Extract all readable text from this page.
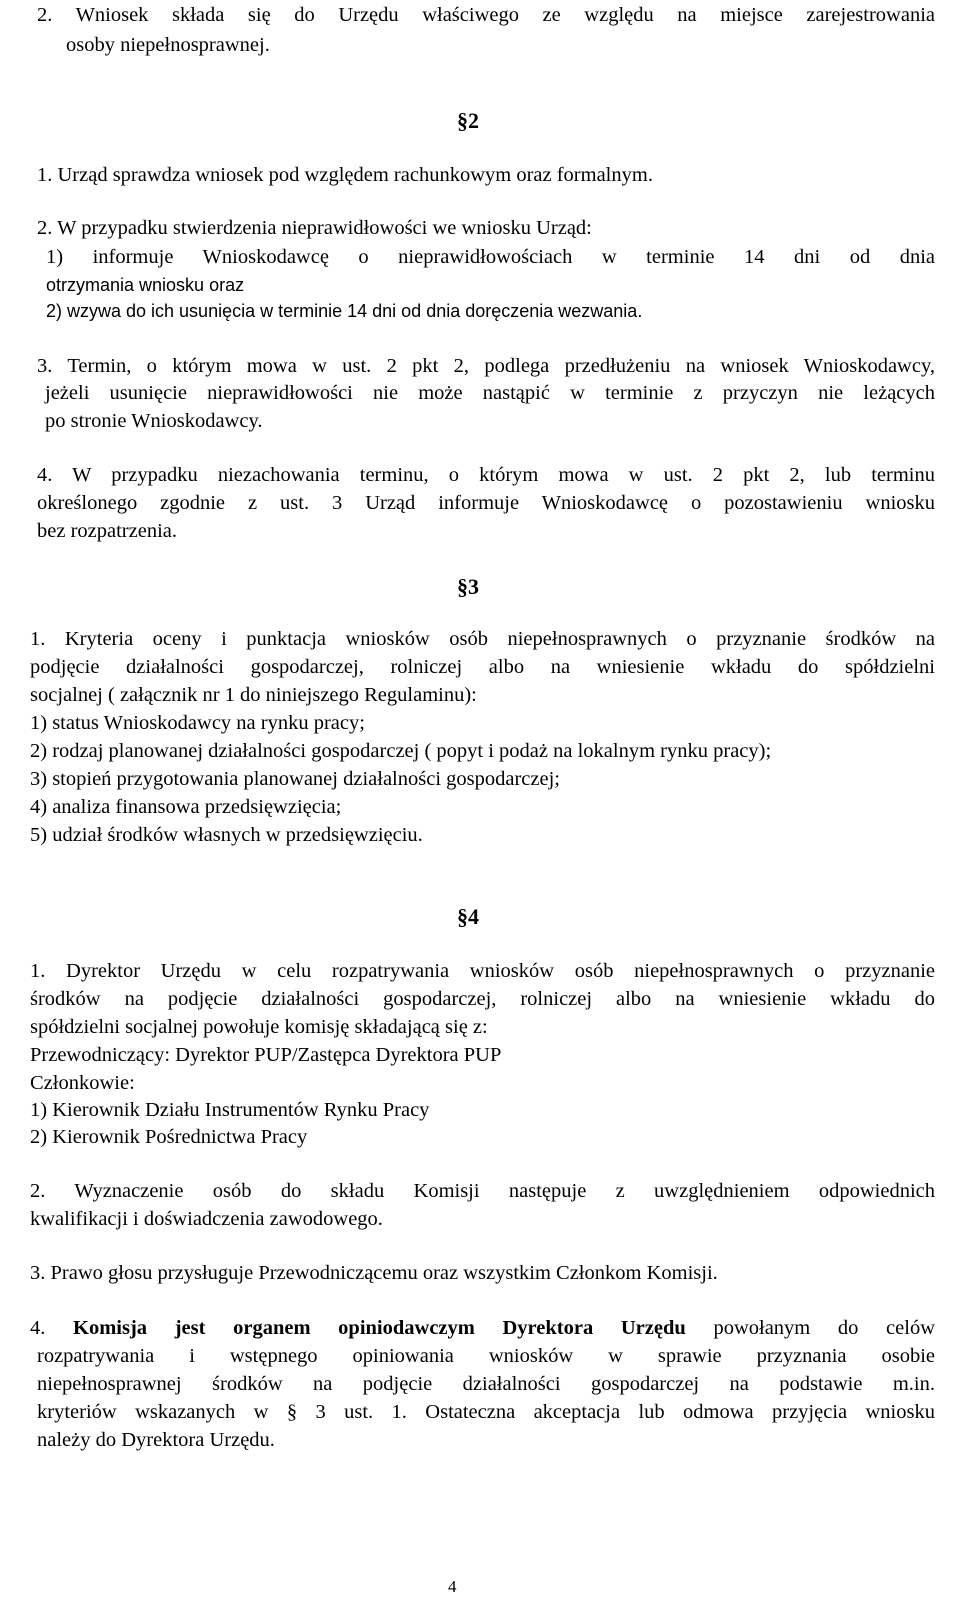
2. Wniosek składa się do Urzędu właściwego ze względu na miejsce zarejestrowania
osoby niepełnosprawnej.
§2
1. Urząd sprawdza wniosek pod względem rachunkowym oraz formalnym.
2. W przypadku stwierdzenia nieprawidłowości we wniosku Urząd:
1) informuje Wnioskodawcę o nieprawidłowościach w terminie 14 dni od dnia
otrzymania wniosku oraz
2) wzywa do ich usunięcia w terminie 14 dni od dnia doręczenia wezwania.
3. Termin, o którym mowa w ust. 2 pkt 2, podlega przedłużeniu na wniosek Wnioskodawcy,
jeżeli usunięcie nieprawidłowości nie może nastąpić w terminie z przyczyn nie leżących
po stronie Wnioskodawcy.
4. W przypadku niezachowania terminu, o którym mowa w ust. 2 pkt 2, lub terminu
określonego zgodnie z ust. 3 Urząd informuje Wnioskodawcę o pozostawieniu wniosku
bez rozpatrzenia.
§3
1. Kryteria oceny i punktacja wniosków osób niepełnosprawnych o przyznanie środków na
podjęcie działalności gospodarczej, rolniczej albo na wniesienie wkładu do spółdzielni
socjalnej ( załącznik nr 1 do niniejszego Regulaminu):
1) status Wnioskodawcy na rynku pracy;
2) rodzaj planowanej działalności gospodarczej ( popyt i podaż na lokalnym rynku pracy);
3) stopień przygotowania planowanej działalności gospodarczej;
4) analiza finansowa przedsięwzięcia;
5) udział środków własnych w przedsięwzięciu.
§4
1. Dyrektor Urzędu w celu rozpatrywania wniosków osób niepełnosprawnych o przyznanie
środków na podjęcie działalności gospodarczej, rolniczej albo na wniesienie wkładu do
spółdzielni socjalnej powołuje komisję składającą się z:
Przewodniczący: Dyrektor PUP/Zastępca Dyrektora PUP
Członkowie:
1) Kierownik Działu Instrumentów Rynku Pracy
2) Kierownik Pośrednictwa Pracy
2. Wyznaczenie osób do składu Komisji następuje z uwzględnieniem odpowiednich
kwalifikacji i doświadczenia zawodowego.
3. Prawo głosu przysługuje Przewodniczącemu oraz wszystkim Członkom Komisji.
4. Komisja jest organem opiniodawczym Dyrektora Urzędu powołanym do celów
rozpatrywania i wstępnego opiniowania wniosków w sprawie przyznania osobie
niepełnosprawnej środków na podjęcie działalności gospodarczej na podstawie m.in.
kryteriów wskazanych w § 3 ust. 1. Ostateczna akceptacja lub odmowa przyjęcia wniosku
należy do Dyrektora Urzędu.
4
